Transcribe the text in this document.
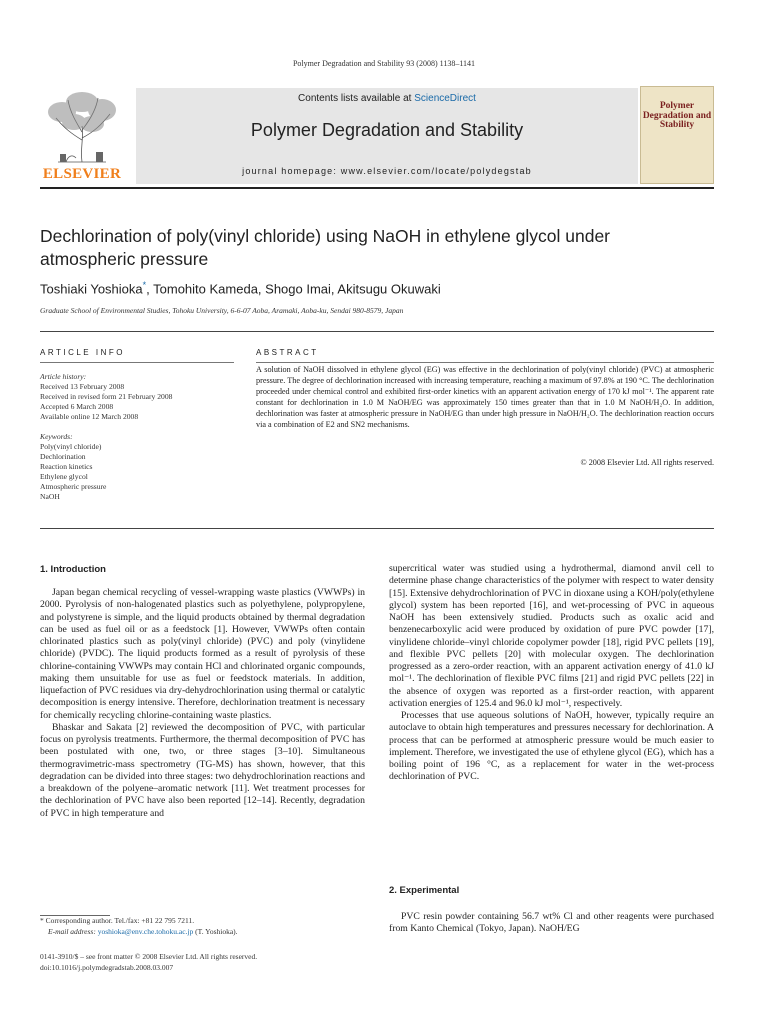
Polymer Degradation and Stability 93 (2008) 1138–1141
ELSEVIER
Contents lists available at ScienceDirect
Polymer Degradation and Stability
journal homepage: www.elsevier.com/locate/polydegstab
Polymer Degradation and Stability
Dechlorination of poly(vinyl chloride) using NaOH in ethylene glycol under atmospheric pressure
Toshiaki Yoshioka*, Tomohito Kameda, Shogo Imai, Akitsugu Okuwaki
Graduate School of Environmental Studies, Tohoku University, 6-6-07 Aoba, Aramaki, Aoba-ku, Sendai 980-8579, Japan
ARTICLE INFO
Article history:
Received 13 February 2008
Received in revised form 21 February 2008
Accepted 6 March 2008
Available online 12 March 2008
Keywords:
Poly(vinyl chloride)
Dechlorination
Reaction kinetics
Ethylene glycol
Atmospheric pressure
NaOH
ABSTRACT
A solution of NaOH dissolved in ethylene glycol (EG) was effective in the dechlorination of poly(vinyl chloride) (PVC) at atmospheric pressure. The degree of dechlorination increased with increasing temperature, reaching a maximum of 97.8% at 190 °C. The dechlorination proceeded under chemical control and exhibited first-order kinetics with an apparent activation energy of 170 kJ mol⁻¹. The apparent rate constant for dechlorination in 1.0 M NaOH/EG was approximately 150 times greater than that in 1.0 M NaOH/H₂O. In addition, dechlorination was faster at atmospheric pressure in NaOH/EG than under high pressure in NaOH/H₂O. The dechlorination reaction occurs via a combination of E2 and SN2 mechanisms.
© 2008 Elsevier Ltd. All rights reserved.
1. Introduction

Japan began chemical recycling of vessel-wrapping waste plastics (VWWPs) in 2000. Pyrolysis of non-halogenated plastics such as polyethylene, polypropylene, and polystyrene is simple, and the liquid products obtained by thermal degradation can be used as fuel oil or as a feedstock [1]. However, VWWPs often contain chlorinated plastics such as poly(vinyl chloride) (PVC) and poly (vinylidene chloride) (PVDC). The liquid products formed as a result of pyrolysis of these chlorine-containing VWWPs may contain HCl and chlorinated organic compounds, making them unsuitable for use as fuel or feedstock materials. In addition, liquefaction of PVC residues via dry-dehydrochlorination using thermal or catalytic decomposition is energy intensive. Therefore, dechlorination treatment is necessary for chemically recycling chlorine-containing waste plastics.

Bhaskar and Sakata [2] reviewed the decomposition of PVC, with particular focus on pyrolysis treatments. Furthermore, the thermal decomposition of PVC has been postulated with one, two, or three stages [3–10]. Simultaneous thermogravimetric-mass spectrometry (TG-MS) has shown, however, that this degradation can be divided into three stages: two dehydrochlorination reactions and a breakdown of the polyene–aromatic network [11]. Wet treatment processes for the dechlorination of PVC have also been reported [12–14]. Recently, degradation of PVC in high temperature and

supercritical water was studied using a hydrothermal, diamond anvil cell to determine phase change characteristics of the polymer with respect to water density [15]. Extensive dehydrochlorination of PVC in dioxane using a KOH/poly(ethylene glycol) system has been reported [16], and wet-processing of PVC in aqueous NaOH has been extensively studied. Products such as oxalic acid and benzenecarboxylic acid were produced by oxidation of pure PVC powder [17], vinylidene chloride–vinyl chloride copolymer powder [18], rigid PVC pellets [19], and flexible PVC pellets [20] with molecular oxygen. The dechlorination progressed as a zero-order reaction, with an apparent activation energy of 41.0 kJ mol⁻¹. The dechlorination of flexible PVC films [21] and rigid PVC pellets [22] in the absence of oxygen was reported as a first-order reaction, with apparent activation energies of 125.4 and 96.0 kJ mol⁻¹, respectively.

Processes that use aqueous solutions of NaOH, however, typically require an autoclave to obtain high temperatures and pressures necessary for dechlorination. A process that can be performed at atmospheric pressure would be much easier to implement. Therefore, we investigated the use of ethylene glycol (EG), which has a boiling point of 196 °C, as a replacement for water in the wet-process dechlorination of PVC.

2. Experimental

PVC resin powder containing 56.7 wt% Cl and other reagents were purchased from Kanto Chemical (Tokyo, Japan). NaOH/EG

* Corresponding author. Tel./fax: +81 22 795 7211.
E-mail address: yoshioka@env.che.tohoku.ac.jp (T. Yoshioka).
0141-3910/$ – see front matter © 2008 Elsevier Ltd. All rights reserved.
doi:10.1016/j.polymdegradstab.2008.03.007
